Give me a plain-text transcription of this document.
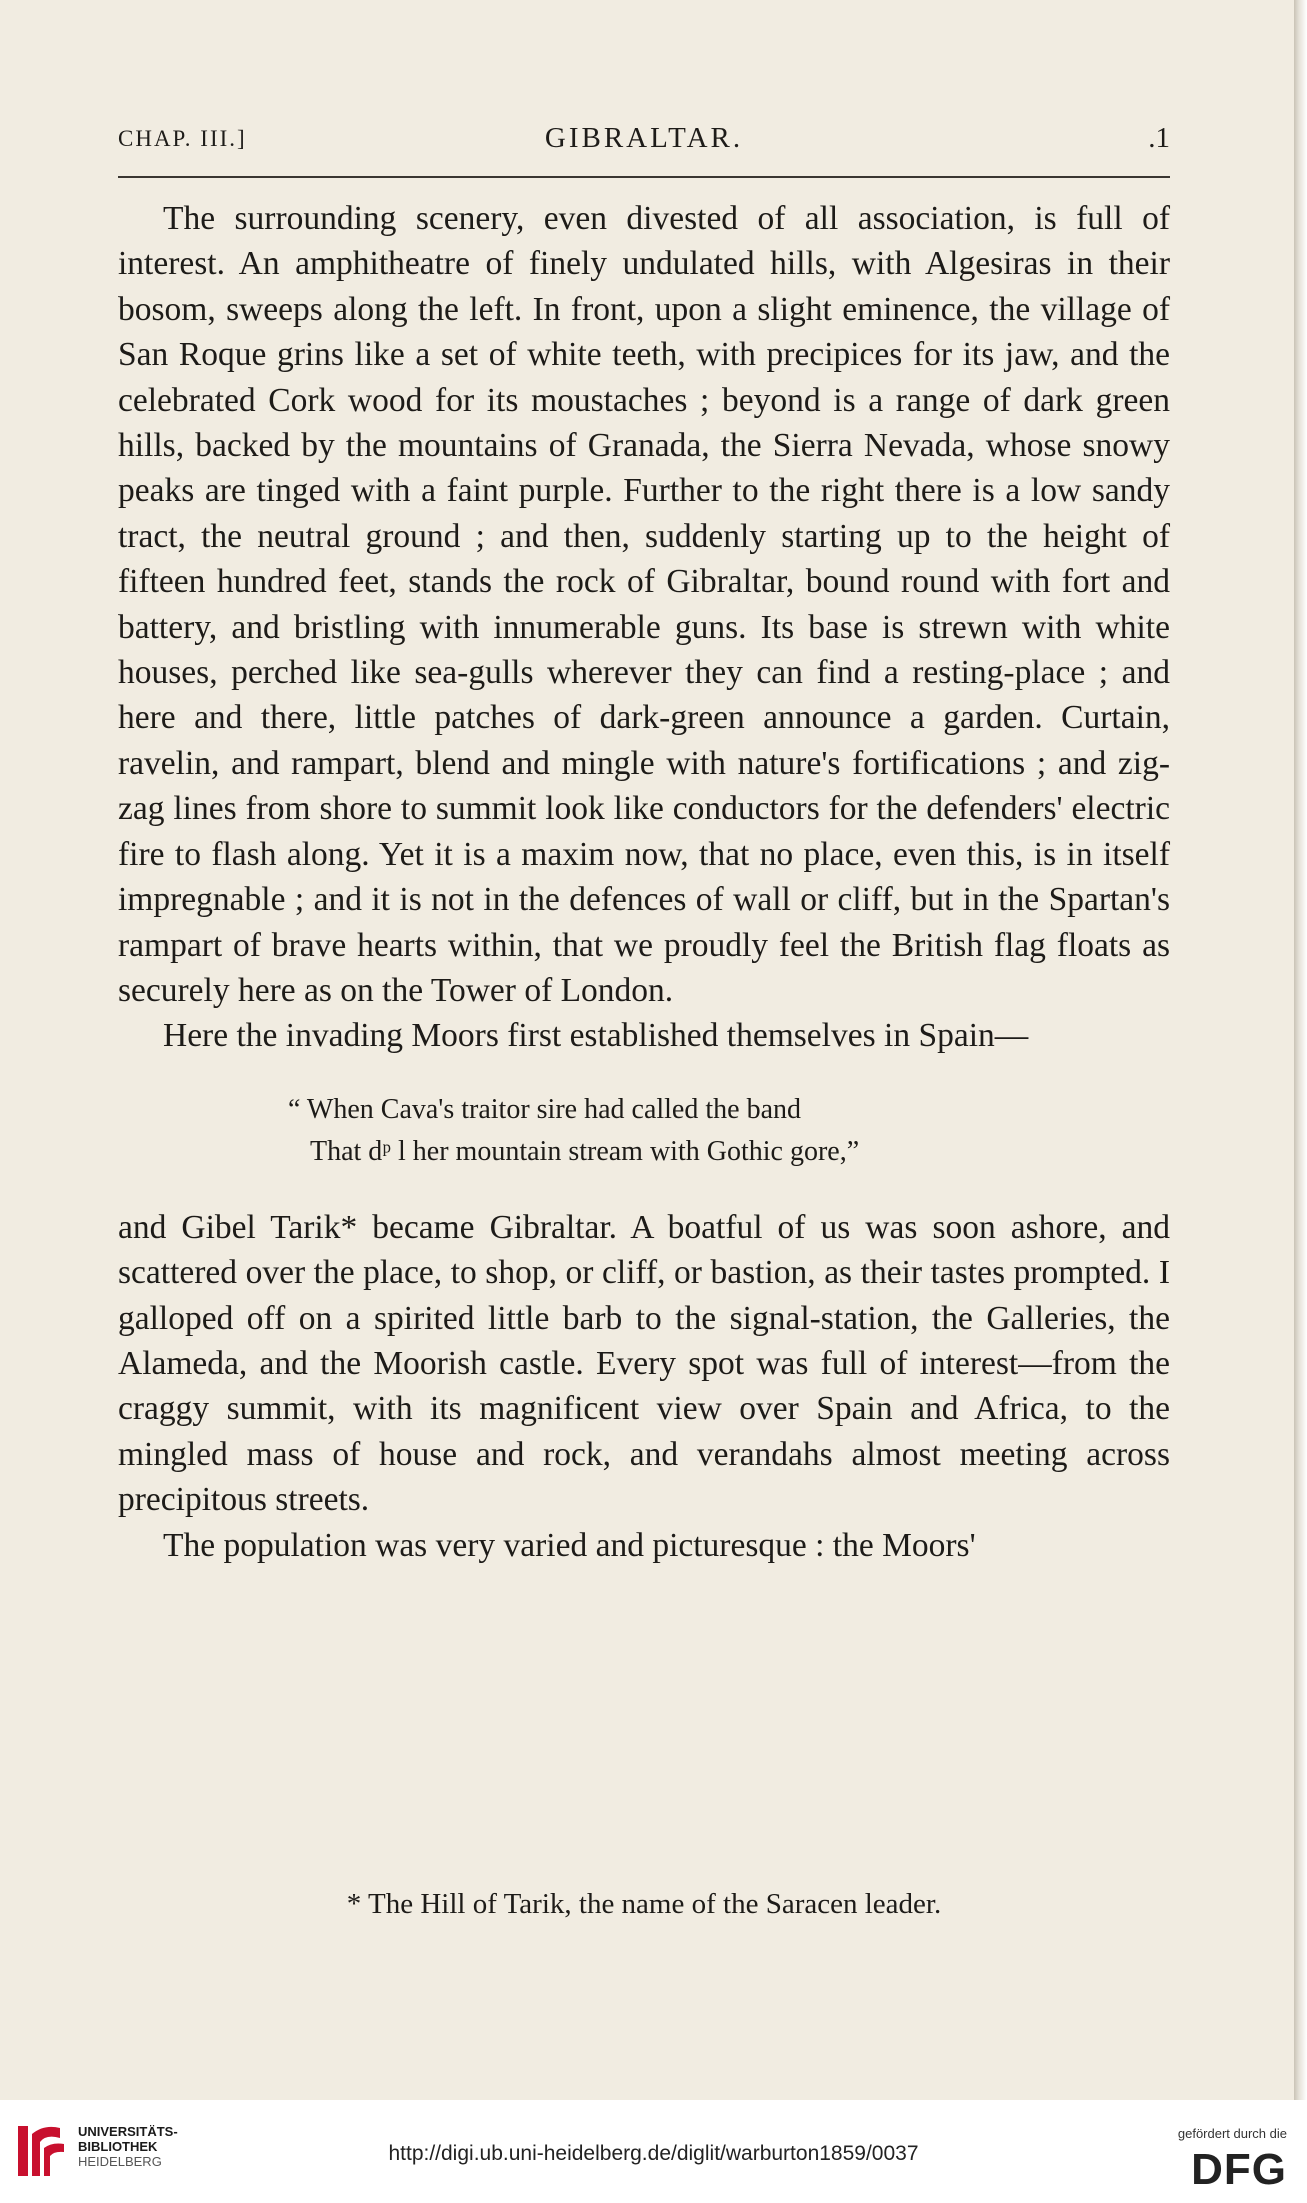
CHAP. III.]	GIBRALTAR.	.1

The surrounding scenery, even divested of all association, is full of interest. An amphitheatre of finely undulated hills, with Algesiras in their bosom, sweeps along the left. In front, upon a slight eminence, the village of San Roque grins like a set of white teeth, with precipices for its jaw, and the celebrated Cork wood for its moustaches ; beyond is a range of dark green hills, backed by the mountains of Granada, the Sierra Nevada, whose snowy peaks are tinged with a faint purple. Further to the right there is a low sandy tract, the neutral ground ; and then, suddenly starting up to the height of fifteen hundred feet, stands the rock of Gibraltar, bound round with fort and battery, and bristling with innumerable guns. Its base is strewn with white houses, perched like sea-gulls wherever they can find a resting-place ; and here and there, little patches of dark-green announce a garden. Curtain, ravelin, and rampart, blend and mingle with nature's fortifications ; and zig-zag lines from shore to summit look like conductors for the defenders' electric fire to flash along. Yet it is a maxim now, that no place, even this, is in itself impregnable ; and it is not in the defences of wall or cliff, but in the Spartan's rampart of brave hearts within, that we proudly feel the British flag floats as securely here as on the Tower of London.

Here the invading Moors first established themselves in Spain—

“ When Cava's traitor sire had called the band
That dᵖ l her mountain stream with Gothic gore,”

and Gibel Tarik* became Gibraltar. A boatful of us was soon ashore, and scattered over the place, to shop, or cliff, or bastion, as their tastes prompted. I galloped off on a spirited little barb to the signal-station, the Galleries, the Alameda, and the Moorish castle. Every spot was full of interest—from the craggy summit, with its magnificent view over Spain and Africa, to the mingled mass of house and rock, and verandahs almost meeting across precipitous streets.

The population was very varied and picturesque : the Moors'

* The Hill of Tarik, the name of the Saracen leader.
UNIVERSITÄTS-
BIBLIOTHEK
HEIDELBERG	http://digi.ub.uni-heidelberg.de/diglit/warburton1859/0037
gefördert durch die
DFG
